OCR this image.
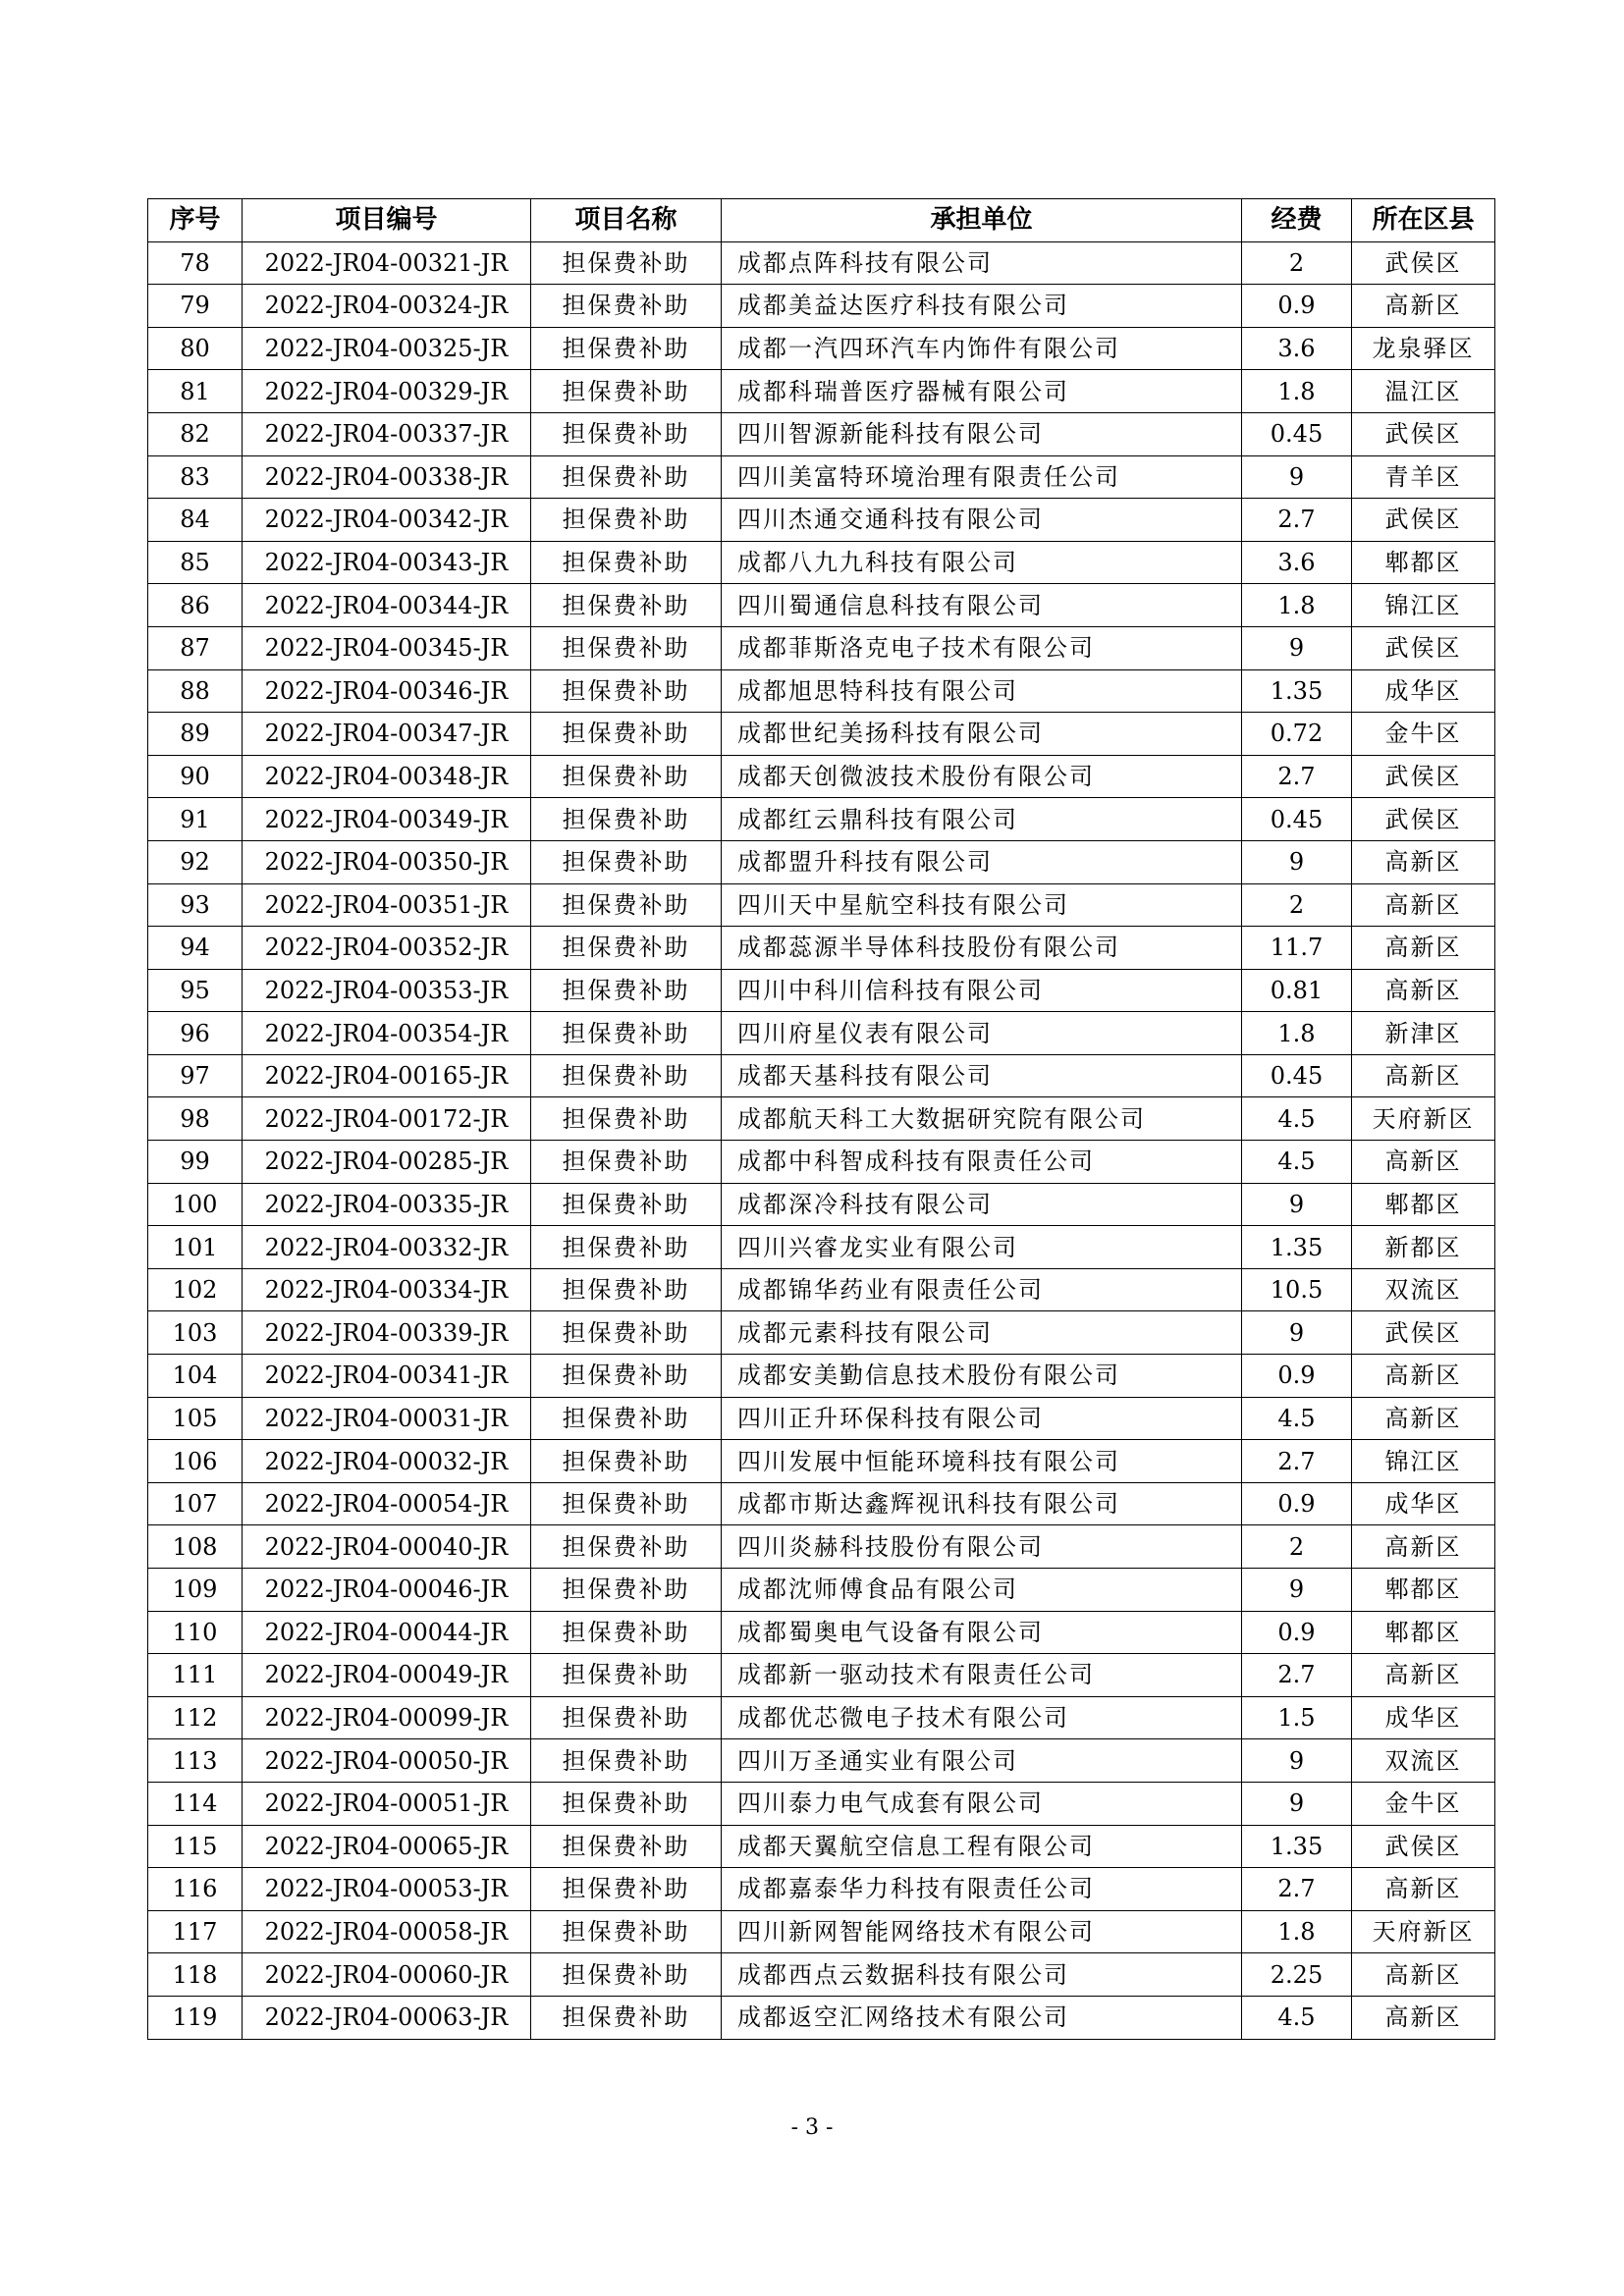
序号	项目编号	项目名称	承担单位	经费	所在区县
78	2022-JR04-00321-JR	担保费补助	成都点阵科技有限公司	2	武侯区
79	2022-JR04-00324-JR	担保费补助	成都美益达医疗科技有限公司	0.9	高新区
80	2022-JR04-00325-JR	担保费补助	成都一汽四环汽车内饰件有限公司	3.6	龙泉驿区
81	2022-JR04-00329-JR	担保费补助	成都科瑞普医疗器械有限公司	1.8	温江区
82	2022-JR04-00337-JR	担保费补助	四川智源新能科技有限公司	0.45	武侯区
83	2022-JR04-00338-JR	担保费补助	四川美富特环境治理有限责任公司	9	青羊区
84	2022-JR04-00342-JR	担保费补助	四川杰通交通科技有限公司	2.7	武侯区
85	2022-JR04-00343-JR	担保费补助	成都八九九科技有限公司	3.6	郫都区
86	2022-JR04-00344-JR	担保费补助	四川蜀通信息科技有限公司	1.8	锦江区
87	2022-JR04-00345-JR	担保费补助	成都菲斯洛克电子技术有限公司	9	武侯区
88	2022-JR04-00346-JR	担保费补助	成都旭思特科技有限公司	1.35	成华区
89	2022-JR04-00347-JR	担保费补助	成都世纪美扬科技有限公司	0.72	金牛区
90	2022-JR04-00348-JR	担保费补助	成都天创微波技术股份有限公司	2.7	武侯区
91	2022-JR04-00349-JR	担保费补助	成都红云鼎科技有限公司	0.45	武侯区
92	2022-JR04-00350-JR	担保费补助	成都盟升科技有限公司	9	高新区
93	2022-JR04-00351-JR	担保费补助	四川天中星航空科技有限公司	2	高新区
94	2022-JR04-00352-JR	担保费补助	成都蕊源半导体科技股份有限公司	11.7	高新区
95	2022-JR04-00353-JR	担保费补助	四川中科川信科技有限公司	0.81	高新区
96	2022-JR04-00354-JR	担保费补助	四川府星仪表有限公司	1.8	新津区
97	2022-JR04-00165-JR	担保费补助	成都天基科技有限公司	0.45	高新区
98	2022-JR04-00172-JR	担保费补助	成都航天科工大数据研究院有限公司	4.5	天府新区
99	2022-JR04-00285-JR	担保费补助	成都中科智成科技有限责任公司	4.5	高新区
100	2022-JR04-00335-JR	担保费补助	成都深冷科技有限公司	9	郫都区
101	2022-JR04-00332-JR	担保费补助	四川兴睿龙实业有限公司	1.35	新都区
102	2022-JR04-00334-JR	担保费补助	成都锦华药业有限责任公司	10.5	双流区
103	2022-JR04-00339-JR	担保费补助	成都元素科技有限公司	9	武侯区
104	2022-JR04-00341-JR	担保费补助	成都安美勤信息技术股份有限公司	0.9	高新区
105	2022-JR04-00031-JR	担保费补助	四川正升环保科技有限公司	4.5	高新区
106	2022-JR04-00032-JR	担保费补助	四川发展中恒能环境科技有限公司	2.7	锦江区
107	2022-JR04-00054-JR	担保费补助	成都市斯达鑫辉视讯科技有限公司	0.9	成华区
108	2022-JR04-00040-JR	担保费补助	四川炎赫科技股份有限公司	2	高新区
109	2022-JR04-00046-JR	担保费补助	成都沈师傅食品有限公司	9	郫都区
110	2022-JR04-00044-JR	担保费补助	成都蜀奥电气设备有限公司	0.9	郫都区
111	2022-JR04-00049-JR	担保费补助	成都新一驱动技术有限责任公司	2.7	高新区
112	2022-JR04-00099-JR	担保费补助	成都优芯微电子技术有限公司	1.5	成华区
113	2022-JR04-00050-JR	担保费补助	四川万圣通实业有限公司	9	双流区
114	2022-JR04-00051-JR	担保费补助	四川泰力电气成套有限公司	9	金牛区
115	2022-JR04-00065-JR	担保费补助	成都天翼航空信息工程有限公司	1.35	武侯区
116	2022-JR04-00053-JR	担保费补助	成都嘉泰华力科技有限责任公司	2.7	高新区
117	2022-JR04-00058-JR	担保费补助	四川新网智能网络技术有限公司	1.8	天府新区
118	2022-JR04-00060-JR	担保费补助	成都西点云数据科技有限公司	2.25	高新区
119	2022-JR04-00063-JR	担保费补助	成都返空汇网络技术有限公司	4.5	高新区
- 3 -
